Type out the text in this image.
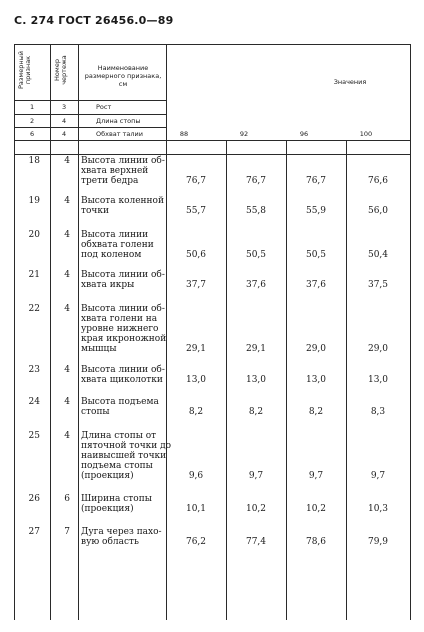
С. 274 ГОСТ 26456.0—89
Размерный признак	Номер чертежа	Наименование размерного признака, см	Значения
1	3	Рост
2	4	Длина стопы
6	4	Обхват талии	88	92	96	100
18	4 Высота линии об-
хвата верхней
трети бедра	76,7	76,7	76,7	76,6
19	4 Высота коленной
точки	55,7	55,8	55,9	56,0
20	4 Высота линии
обхвата голени
под коленом	50,6	50,5	50,5	50,4
21	4 Высота линии об-
хвата икры	37,7	37,6	37,6	37,5
22	4 Высота линии об-
хвата голени на
уровне нижнего
края икроножной
мышцы	29,1	29,1	29,0	29,0
23	4 Высота линии об-
хвата щиколотки	13,0	13,0	13,0	13,0
24	4 Высота подъема
стопы	8,2	8,2	8,2	8,3
25	4 Длина стопы от
пяточной точки до
наивысшей точки
подъема стопы
(проекция)	9,6	9,7	9,7	9,7
26	6 Ширина стопы
(проекция)	10,1	10,2	10,2	10,3
27	7 Дуга через пахо-
вую область	76,2	77,4	78,6	79,9
